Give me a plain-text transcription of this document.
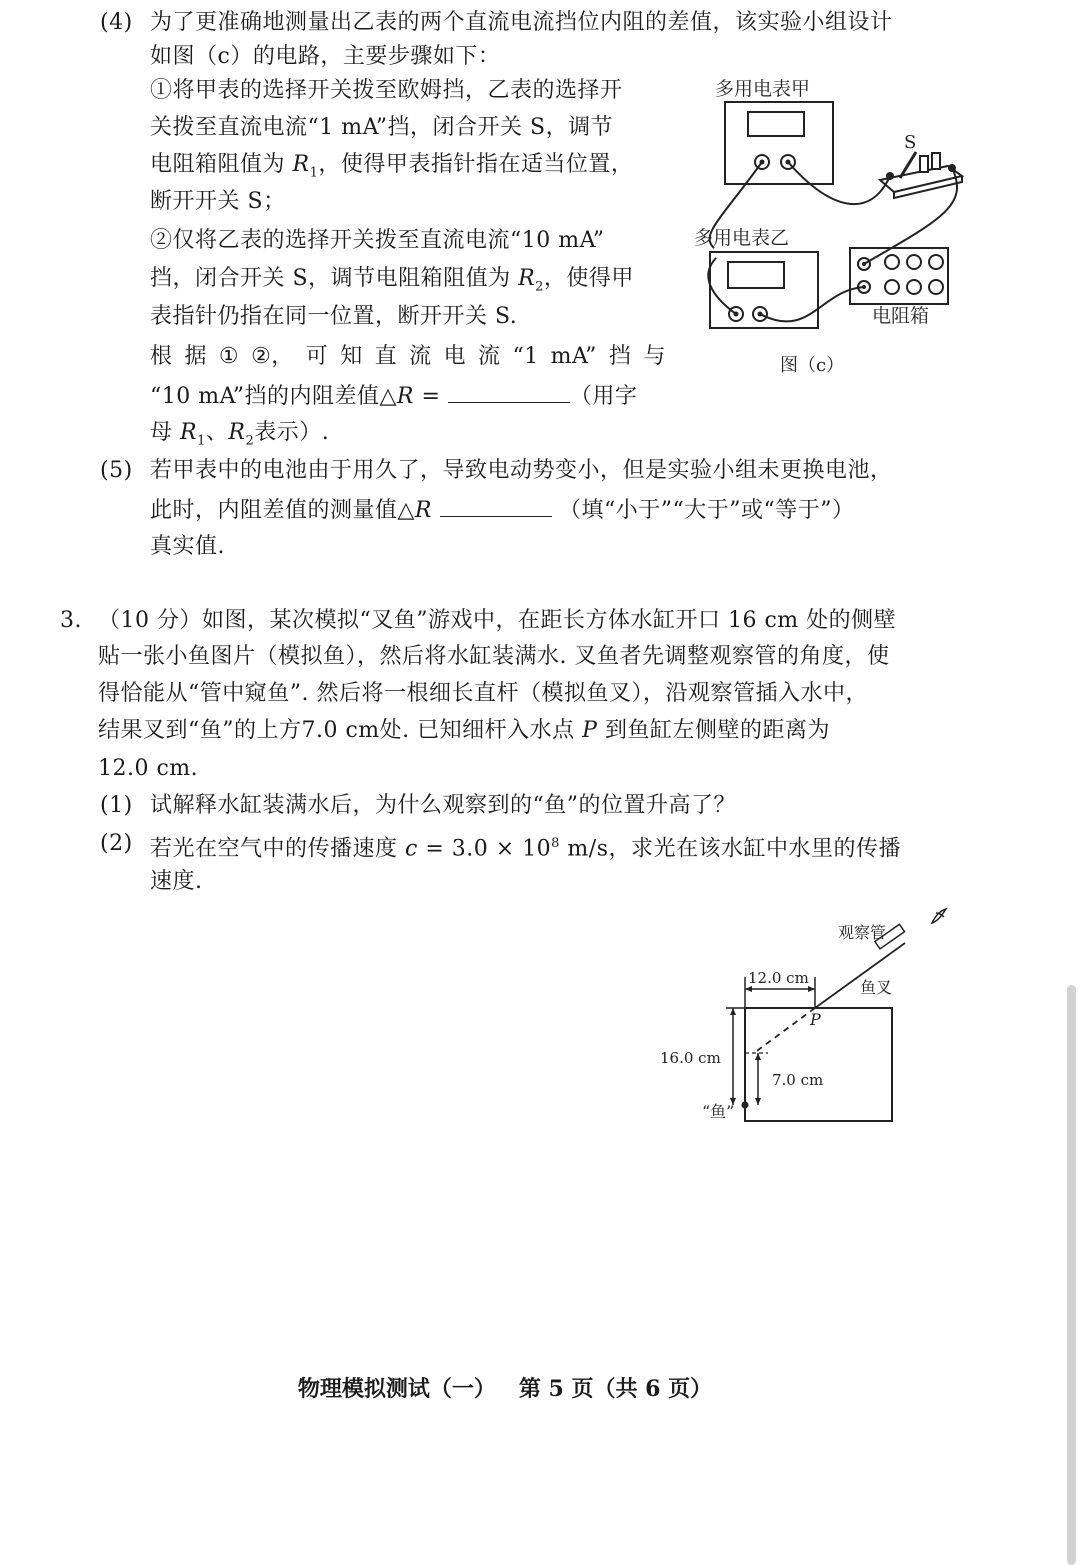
(4) 为了更准确地测量出乙表的两个直流电流挡位内阻的差值，该实验小组设计
如图（c）的电路，主要步骤如下：
①将甲表的选择开关拨至欧姆挡，乙表的选择开
关拨至直流电流“1 mA”挡，闭合开关 S，调节
电阻箱阻值为 $R_1$，使得甲表指针指在适当位置，
断开开关 S；
②仅将乙表的选择开关拨至直流电流“10 mA”
挡，闭合开关 S，调节电阻箱阻值为 $R_2$，使得甲
表指针仍指在同一位置，断开开关 S.
根 据 ① ②， 可 知 直 流 电 流 “1 mA” 挡 与
“10 mA”挡的内阻差值△R =	（用字
母 $R_1$、$R_2$表示）.
多用电表甲
S
多用电表乙
电阻箱
图（c）
(5) 若甲表中的电池由于用久了，导致电动势变小，但是实验小组未更换电池，
此时，内阻差值的测量值△R	（填“小于”“大于”或“等于”）
真实值.
3. （10 分）如图，某次模拟“叉鱼”游戏中，在距长方体水缸开口 16 cm 处的侧壁
贴一张小鱼图片（模拟鱼），然后将水缸装满水. 叉鱼者先调整观察管的角度，使
得恰能从“管中窥鱼”. 然后将一根细长直杆（模拟鱼叉），沿观察管插入水中，
结果叉到“鱼”的上方7.0 cm处. 已知细杆入水点 P 到鱼缸左侧壁的距离为
12.0 cm.
(1) 试解释水缸装满水后，为什么观察到的“鱼”的位置升高了？
(2) 若光在空气中的传播速度 $c = 3.0 \times 10^8$ m/s，求光在该水缸中水里的传播
速度.
12.0 cm
观察管
鱼叉
P
16.0 cm
7.0 cm
“鱼”
物理模拟测试（一）   第 5 页（共 6 页）
